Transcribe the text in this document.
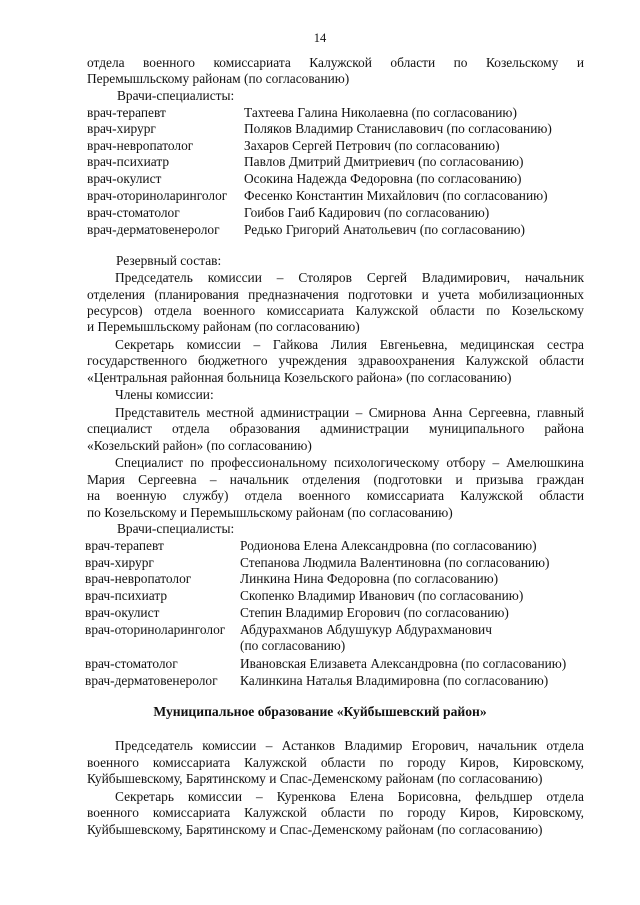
14
отдела военного комиссариата Калужской области по Козельскому и
Перемышльскому районам (по согласованию)
Врачи-специалисты:
врач-терапевт	Тахтеева Галина Николаевна (по согласованию)
врач-хирург	Поляков Владимир Станиславович (по согласованию)
врач-невропатолог	Захаров Сергей Петрович (по согласованию)
врач-психиатр	Павлов Дмитрий Дмитриевич (по согласованию)
врач-окулист	Осокина Надежда Федоровна (по согласованию)
врач-оториноларинголог Фесенко Константин Михайлович (по согласованию)
врач-стоматолог	Гоибов Гаиб Кадирович (по согласованию)
врач-дерматовенеролог Редько Григорий Анатольевич (по согласованию)
Резервный состав:
Председатель комиссии – Столяров Сергей Владимирович, начальник
отделения (планирования предназначения подготовки и учета мобилизационных
ресурсов) отдела военного комиссариата Калужской области по Козельскому
и Перемышльскому районам (по согласованию)
Секретарь комиссии – Гайкова Лилия Евгеньевна, медицинская сестра
государственного бюджетного учреждения здравоохранения Калужской области
«Центральная районная больница Козельского района» (по согласованию)
Члены комиссии:
Представитель местной администрации – Смирнова Анна Сергеевна, главный
специалист отдела образования администрации муниципального района
«Козельский район» (по согласованию)
Специалист по профессиональному психологическому отбору – Амелюшкина
Мария Сергеевна – начальник отделения (подготовки и призыва граждан
на военную службу) отдела военного комиссариата Калужской области
по Козельскому и Перемышльскому районам (по согласованию)
Врачи-специалисты:
врач-терапевт	Родионова Елена Александровна (по согласованию)
врач-хирург	Степанова Людмила Валентиновна (по согласованию)
врач-невропатолог	Линкина Нина Федоровна (по согласованию)
врач-психиатр	Скопенко Владимир Иванович (по согласованию)
врач-окулист	Степин Владимир Егорович (по согласованию)
врач-оториноларинголог Абдурахманов Абдушукур Абдурахманович
(по согласованию)
врач-стоматолог	Ивановская Елизавета Александровна (по согласованию)
врач-дерматовенеролог Калинкина Наталья Владимировна (по согласованию)
Муниципальное образование «Куйбышевский район»
Председатель комиссии – Астанков Владимир Егорович, начальник отдела
военного комиссариата Калужской области по городу Киров, Кировскому,
Куйбышевскому, Барятинскому и Спас-Деменскому районам (по согласованию)
Секретарь комиссии – Куренкова Елена Борисовна, фельдшер отдела
военного комиссариата Калужской области по городу Киров, Кировскому,
Куйбышевскому, Барятинскому и Спас-Деменскому районам (по согласованию)
